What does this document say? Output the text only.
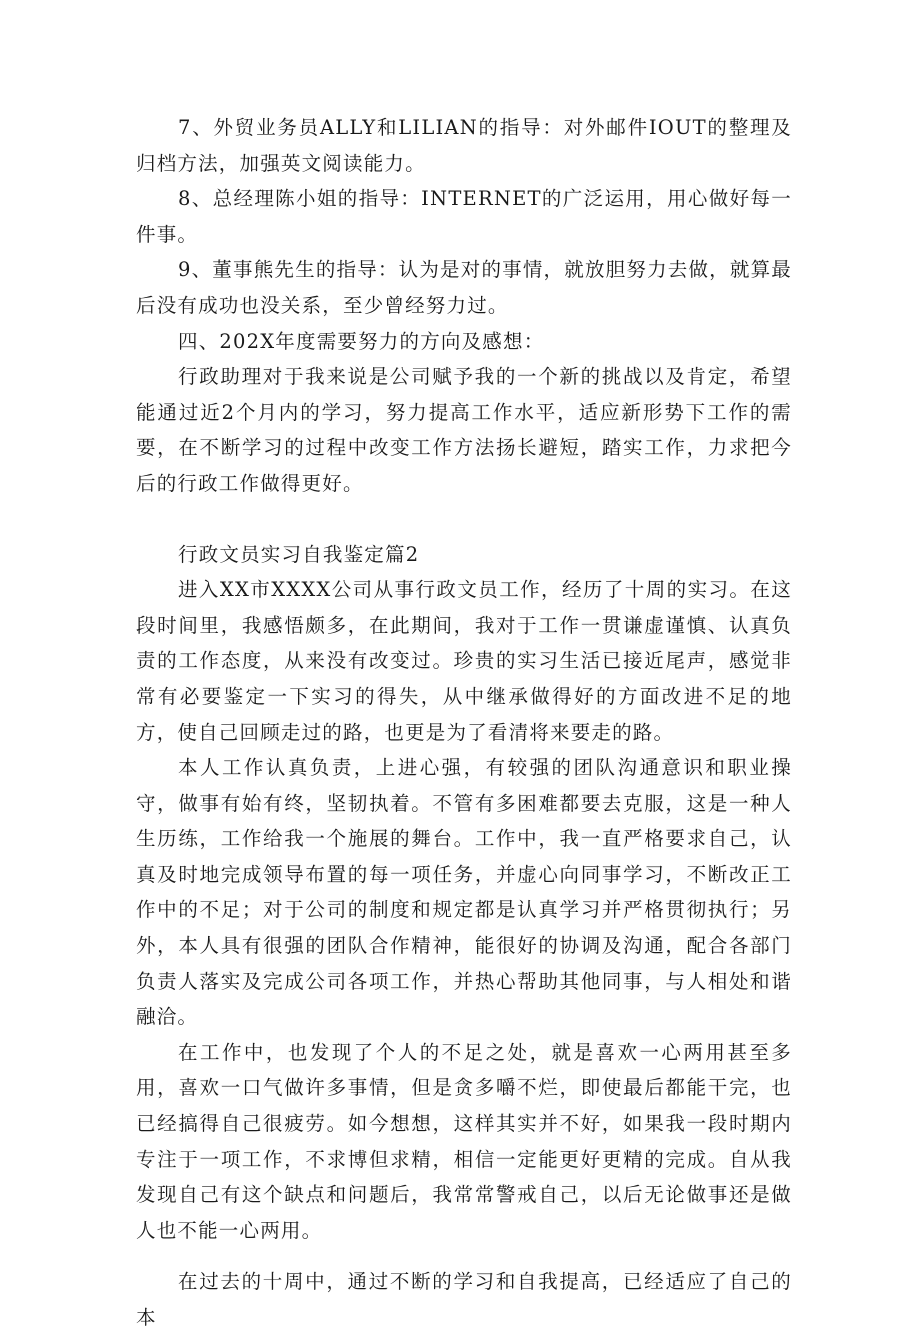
7、外贸业务员ALLY和LILIAN的指导：对外邮件IOUT的整理及归档方法，加强英文阅读能力。

8、总经理陈小姐的指导：INTERNET的广泛运用，用心做好每一件事。

9、董事熊先生的指导：认为是对的事情，就放胆努力去做，就算最后没有成功也没关系，至少曾经努力过。

四、202X年度需要努力的方向及感想：

行政助理对于我来说是公司赋予我的一个新的挑战以及肯定，希望能通过近2个月内的学习，努力提高工作水平，适应新形势下工作的需要，在不断学习的过程中改变工作方法扬长避短，踏实工作，力求把今后的行政工作做得更好。

行政文员实习自我鉴定篇2

进入XX市XXXX公司从事行政文员工作，经历了十周的实习。在这段时间里，我感悟颇多，在此期间，我对于工作一贯谦虚谨慎、认真负责的工作态度，从来没有改变过。珍贵的实习生活已接近尾声，感觉非常有必要鉴定一下实习的得失，从中继承做得好的方面改进不足的地方，使自己回顾走过的路，也更是为了看清将来要走的路。

本人工作认真负责，上进心强，有较强的团队沟通意识和职业操守，做事有始有终，坚韧执着。不管有多困难都要去克服，这是一种人生历练，工作给我一个施展的舞台。工作中，我一直严格要求自己，认真及时地完成领导布置的每一项任务，并虚心向同事学习，不断改正工作中的不足；对于公司的制度和规定都是认真学习并严格贯彻执行；另外，本人具有很强的团队合作精神，能很好的协调及沟通，配合各部门负责人落实及完成公司各项工作，并热心帮助其他同事，与人相处和谐融洽。

在工作中，也发现了个人的不足之处，就是喜欢一心两用甚至多用，喜欢一口气做许多事情，但是贪多嚼不烂，即使最后都能干完，也已经搞得自己很疲劳。如今想想，这样其实并不好，如果我一段时期内专注于一项工作，不求博但求精，相信一定能更好更精的完成。自从我发现自己有这个缺点和问题后，我常常警戒自己，以后无论做事还是做人也不能一心两用。

在过去的十周中，通过不断的学习和自我提高，已经适应了自己的本
